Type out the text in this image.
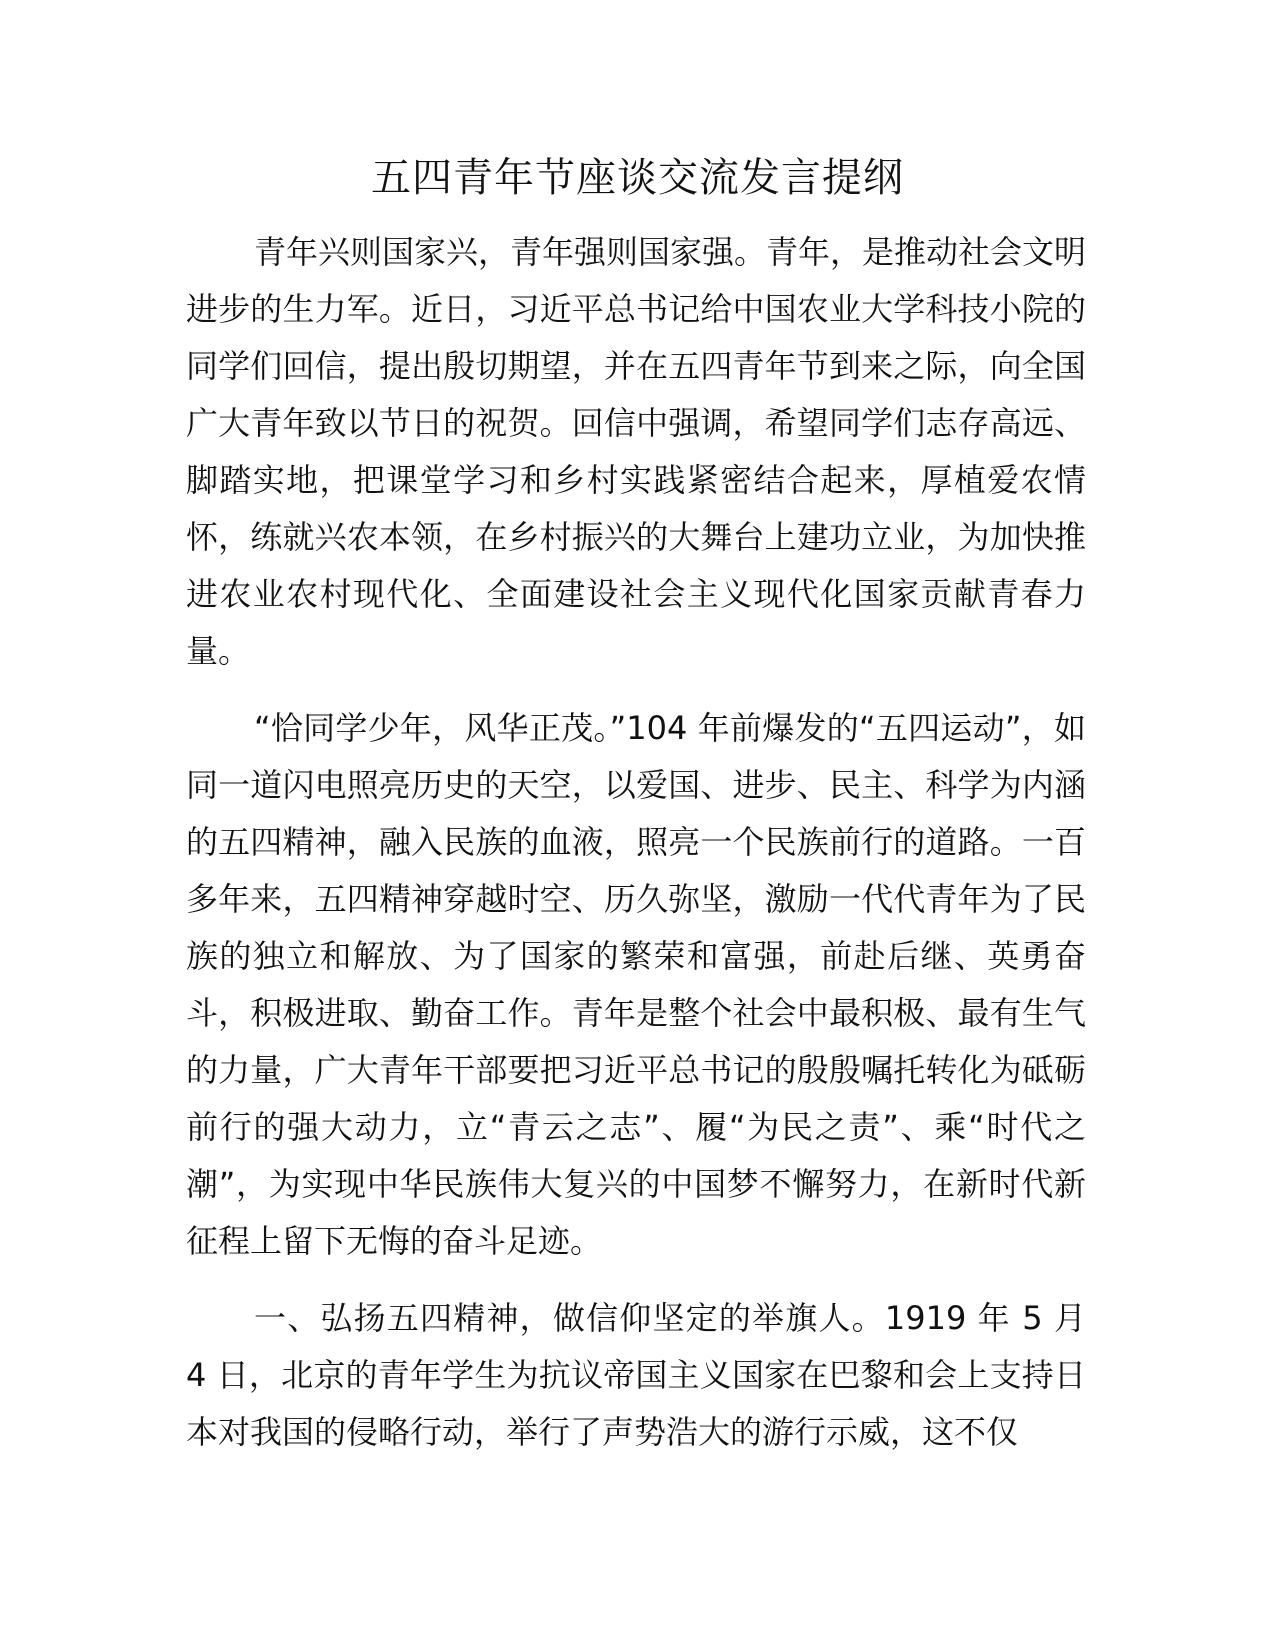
五四青年节座谈交流发言提纲

青年兴则国家兴，青年强则国家强。青年，是推动社会文明进步的生力军。近日，习近平总书记给中国农业大学科技小院的同学们回信，提出殷切期望，并在五四青年节到来之际，向全国广大青年致以节日的祝贺。回信中强调，希望同学们志存高远、脚踏实地，把课堂学习和乡村实践紧密结合起来，厚植爱农情怀，练就兴农本领，在乡村振兴的大舞台上建功立业，为加快推进农业农村现代化、全面建设社会主义现代化国家贡献青春力量。

“恰同学少年，风华正茂。”104 年前爆发的“五四运动”，如同一道闪电照亮历史的天空，以爱国、进步、民主、科学为内涵的五四精神，融入民族的血液，照亮一个民族前行的道路。一百多年来，五四精神穿越时空、历久弥坚，激励一代代青年为了民族的独立和解放、为了国家的繁荣和富强，前赴后继、英勇奋斗，积极进取、勤奋工作。青年是整个社会中最积极、最有生气的力量，广大青年干部要把习近平总书记的殷殷嘱托转化为砥砺前行的强大动力，立“青云之志”、履“为民之责”、乘“时代之潮”，为实现中华民族伟大复兴的中国梦不懈努力，在新时代新征程上留下无悔的奋斗足迹。

一、弘扬五四精神，做信仰坚定的举旗人。1919 年 5 月 4 日，北京的青年学生为抗议帝国主义国家在巴黎和会上支持日本对我国的侵略行动，举行了声势浩大的游行示威，这不仅
